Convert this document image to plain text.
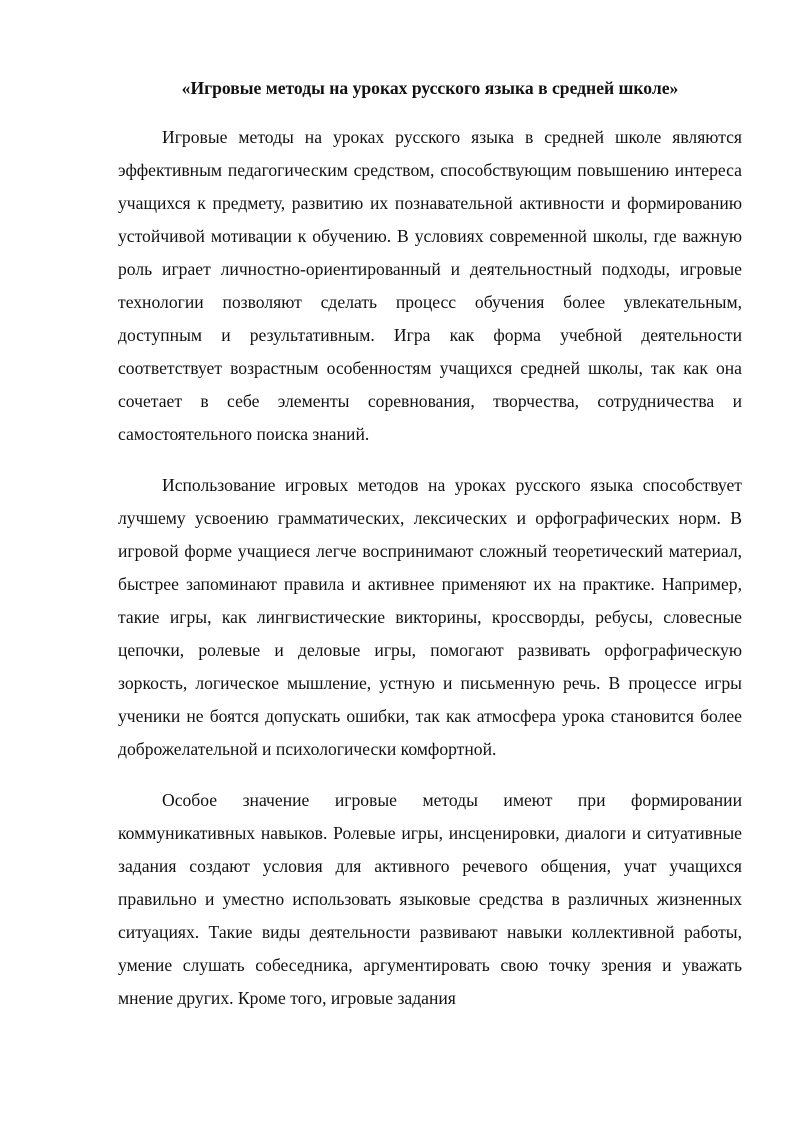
«Игровые методы на уроках русского языка в средней школе»

Игровые методы на уроках русского языка в средней школе являются эффективным педагогическим средством, способствующим повышению интереса учащихся к предмету, развитию их познавательной активности и формированию устойчивой мотивации к обучению. В условиях современной школы, где важную роль играет личностно-ориентированный и деятельностный подходы, игровые технологии позволяют сделать процесс обучения более увлекательным, доступным и результативным. Игра как форма учебной деятельности соответствует возрастным особенностям учащихся средней школы, так как она сочетает в себе элементы соревнования, творчества, сотрудничества и самостоятельного поиска знаний.

Использование игровых методов на уроках русского языка способствует лучшему усвоению грамматических, лексических и орфографических норм. В игровой форме учащиеся легче воспринимают сложный теоретический материал, быстрее запоминают правила и активнее применяют их на практике. Например, такие игры, как лингвистические викторины, кроссворды, ребусы, словесные цепочки, ролевые и деловые игры, помогают развивать орфографическую зоркость, логическое мышление, устную и письменную речь. В процессе игры ученики не боятся допускать ошибки, так как атмосфера урока становится более доброжелательной и психологически комфортной.

Особое значение игровые методы имеют при формировании коммуникативных навыков. Ролевые игры, инсценировки, диалоги и ситуативные задания создают условия для активного речевого общения, учат учащихся правильно и уместно использовать языковые средства в различных жизненных ситуациях. Такие виды деятельности развивают навыки коллективной работы, умение слушать собеседника, аргументировать свою точку зрения и уважать мнение других. Кроме того, игровые задания
